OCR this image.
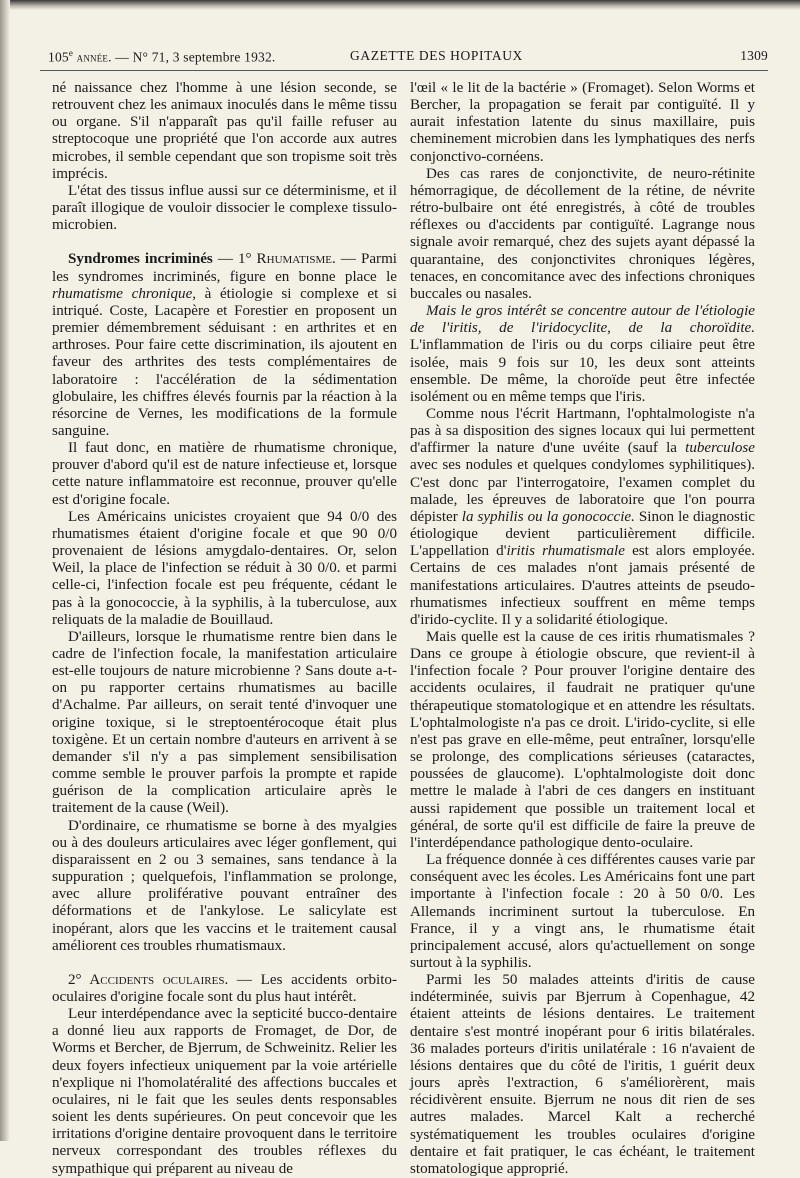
105e année. — N° 71, 3 septembre 1932.	GAZETTE DES HOPITAUX	1309

né naissance chez l'homme à une lésion seconde, se retrouvent chez les animaux inoculés dans le même tissu ou organe. S'il n'apparaît pas qu'il faille refuser au streptocoque une propriété que l'on accorde aux autres microbes, il semble cependant que son tropisme soit très imprécis.

L'état des tissus influe aussi sur ce déterminisme, et il paraît illogique de vouloir dissocier le complexe tissulo-microbien.

Syndromes incriminés — 1° Rhumatisme. — Parmi les syndromes incriminés, figure en bonne place le rhumatisme chronique, à étiologie si complexe et si intriqué. Coste, Lacapère et Forestier en proposent un premier démembrement séduisant : en arthrites et en arthroses. Pour faire cette discrimination, ils ajoutent en faveur des arthrites des tests complémentaires de laboratoire : l'accélération de la sédimentation globulaire, les chiffres élevés fournis par la réaction à la résorcine de Vernes, les modifications de la formule sanguine.

Il faut donc, en matière de rhumatisme chronique, prouver d'abord qu'il est de nature infectieuse et, lorsque cette nature inflammatoire est reconnue, prouver qu'elle est d'origine focale.

Les Américains unicistes croyaient que 94 0/0 des rhumatismes étaient d'origine focale et que 90 0/0 provenaient de lésions amygdalo-dentaires. Or, selon Weil, la place de l'infection se réduit à 30 0/0. et parmi celle-ci, l'infection focale est peu fréquente, cédant le pas à la gonococcie, à la syphilis, à la tuberculose, aux reliquats de la maladie de Bouillaud.

D'ailleurs, lorsque le rhumatisme rentre bien dans le cadre de l'infection focale, la manifestation articulaire est-elle toujours de nature microbienne ? Sans doute a-t-on pu rapporter certains rhumatismes au bacille d'Achalme. Par ailleurs, on serait tenté d'invoquer une origine toxique, si le streptoentérocoque était plus toxigène. Et un certain nombre d'auteurs en arrivent à se demander s'il n'y a pas simplement sensibilisation comme semble le prouver parfois la prompte et rapide guérison de la complication articulaire après le traitement de la cause (Weil).

D'ordinaire, ce rhumatisme se borne à des myalgies ou à des douleurs articulaires avec léger gonflement, qui disparaissent en 2 ou 3 semaines, sans tendance à la suppuration ; quelquefois, l'inflammation se prolonge, avec allure proliférative pouvant entraîner des déformations et de l'ankylose. Le salicylate est inopérant, alors que les vaccins et le traitement causal améliorent ces troubles rhumatismaux.

2° Accidents oculaires. — Les accidents orbito-oculaires d'origine focale sont du plus haut intérêt.

Leur interdépendance avec la septicité bucco-dentaire a donné lieu aux rapports de Fromaget, de Dor, de Worms et Bercher, de Bjerrum, de Schweinitz. Relier les deux foyers infectieux uniquement par la voie artérielle n'explique ni l'homolatéralité des affections buccales et oculaires, ni le fait que les seules dents responsables soient les dents supérieures. On peut concevoir que les irritations d'origine dentaire provoquent dans le territoire nerveux correspondant des troubles réflexes du sympathique qui préparent au niveau de

l'œil « le lit de la bactérie » (Fromaget). Selon Worms et Bercher, la propagation se ferait par contiguïté. Il y aurait infestation latente du sinus maxillaire, puis cheminement microbien dans les lymphatiques des nerfs conjonctivo-cornéens.

Des cas rares de conjonctivite, de neuro-rétinite hémorragique, de décollement de la rétine, de névrite rétro-bulbaire ont été enregistrés, à côté de troubles réflexes ou d'accidents par contiguïté. Lagrange nous signale avoir remarqué, chez des sujets ayant dépassé la quarantaine, des conjonctivites chroniques légères, tenaces, en concomitance avec des infections chroniques buccales ou nasales.

Mais le gros intérêt se concentre autour de l'étiologie de l'iritis, de l'iridocyclite, de la choroïdite. L'inflammation de l'iris ou du corps ciliaire peut être isolée, mais 9 fois sur 10, les deux sont atteints ensemble. De même, la choroïde peut être infectée isolément ou en même temps que l'iris.

Comme nous l'écrit Hartmann, l'ophtalmologiste n'a pas à sa disposition des signes locaux qui lui permettent d'affirmer la nature d'une uvéite (sauf la tuberculose avec ses nodules et quelques condylomes syphilitiques). C'est donc par l'interrogatoire, l'examen complet du malade, les épreuves de laboratoire que l'on pourra dépister la syphilis ou la gonococcie. Sinon le diagnostic étiologique devient particulièrement difficile. L'appellation d'iritis rhumatismale est alors employée. Certains de ces malades n'ont jamais présenté de manifestations articulaires. D'autres atteints de pseudo-rhumatismes infectieux souffrent en même temps d'irido-cyclite. Il y a solidarité étiologique.

Mais quelle est la cause de ces iritis rhumatismales ? Dans ce groupe à étiologie obscure, que revient-il à l'infection focale ? Pour prouver l'origine dentaire des accidents oculaires, il faudrait ne pratiquer qu'une thérapeutique stomatologique et en attendre les résultats. L'ophtalmologiste n'a pas ce droit. L'irido-cyclite, si elle n'est pas grave en elle-même, peut entraîner, lorsqu'elle se prolonge, des complications sérieuses (cataractes, poussées de glaucome). L'ophtalmologiste doit donc mettre le malade à l'abri de ces dangers en instituant aussi rapidement que possible un traitement local et général, de sorte qu'il est difficile de faire la preuve de l'interdépendance pathologique dento-oculaire.

La fréquence donnée à ces différentes causes varie par conséquent avec les écoles. Les Américains font une part importante à l'infection focale : 20 à 50 0/0. Les Allemands incriminent surtout la tuberculose. En France, il y a vingt ans, le rhumatisme était principalement accusé, alors qu'actuellement on songe surtout à la syphilis.

Parmi les 50 malades atteints d'iritis de cause indéterminée, suivis par Bjerrum à Copenhague, 42 étaient atteints de lésions dentaires. Le traitement dentaire s'est montré inopérant pour 6 iritis bilatérales. 36 malades porteurs d'iritis unilatérale : 16 n'avaient de lésions dentaires que du côté de l'iritis, 1 guérit deux jours après l'extraction, 6 s'améliorèrent, mais récidivèrent ensuite. Bjerrum ne nous dit rien de ses autres malades. Marcel Kalt a recherché systématiquement les troubles oculaires d'origine dentaire et fait pratiquer, le cas échéant, le traitement stomatologique approprié.
